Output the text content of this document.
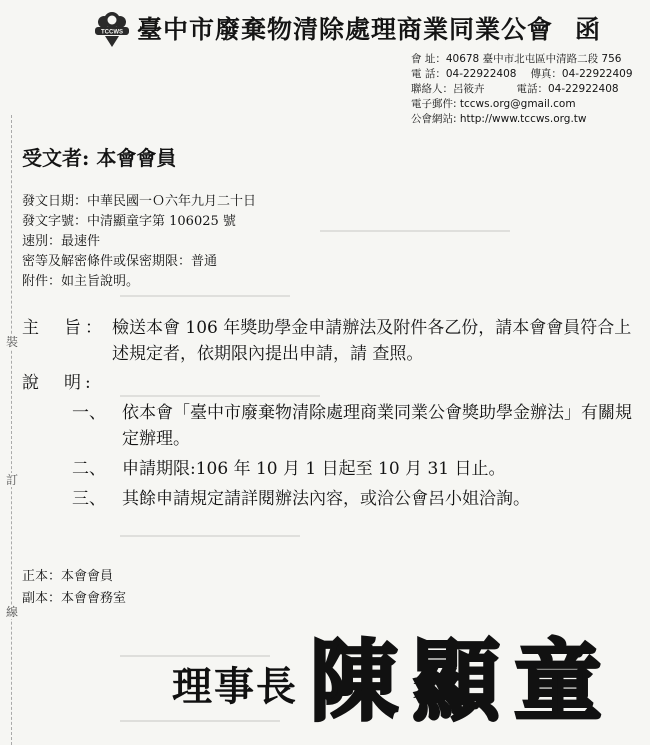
裝
訂
線
TCCWS 臺中市廢棄物清除處理商業同業公會 函
會 址：40678 臺中市北屯區中清路二段 756
電 話：04-22922408 傳真：04-22922409
聯絡人：呂筱卉	電話：04-22922408
電子郵件: tccws.org@gmail.com
公會網站: http://www.tccws.org.tw
受文者: 本會會員
發文日期：中華民國一Ｏ六年九月二十日
發文字號：中清顯童字第 106025 號
速別：最速件
密等及解密條件或保密期限：普通
附件：如主旨說明。
主　旨： 檢送本會 106 年獎助學金申請辦法及附件各乙份，請本會會員符合上述規定者，依期限內提出申請，請 查照。
說　明:
一、 依本會「臺中市廢棄物清除處理商業同業公會獎助學金辦法」有關規定辦理。
二、 申請期限:106 年 10 月 1 日起至 10 月 31 日止。
三、 其餘申請規定請詳閱辦法內容，或洽公會呂小姐洽詢。
正本：本會會員
副本：本會會務室
理事長 陳顯童
